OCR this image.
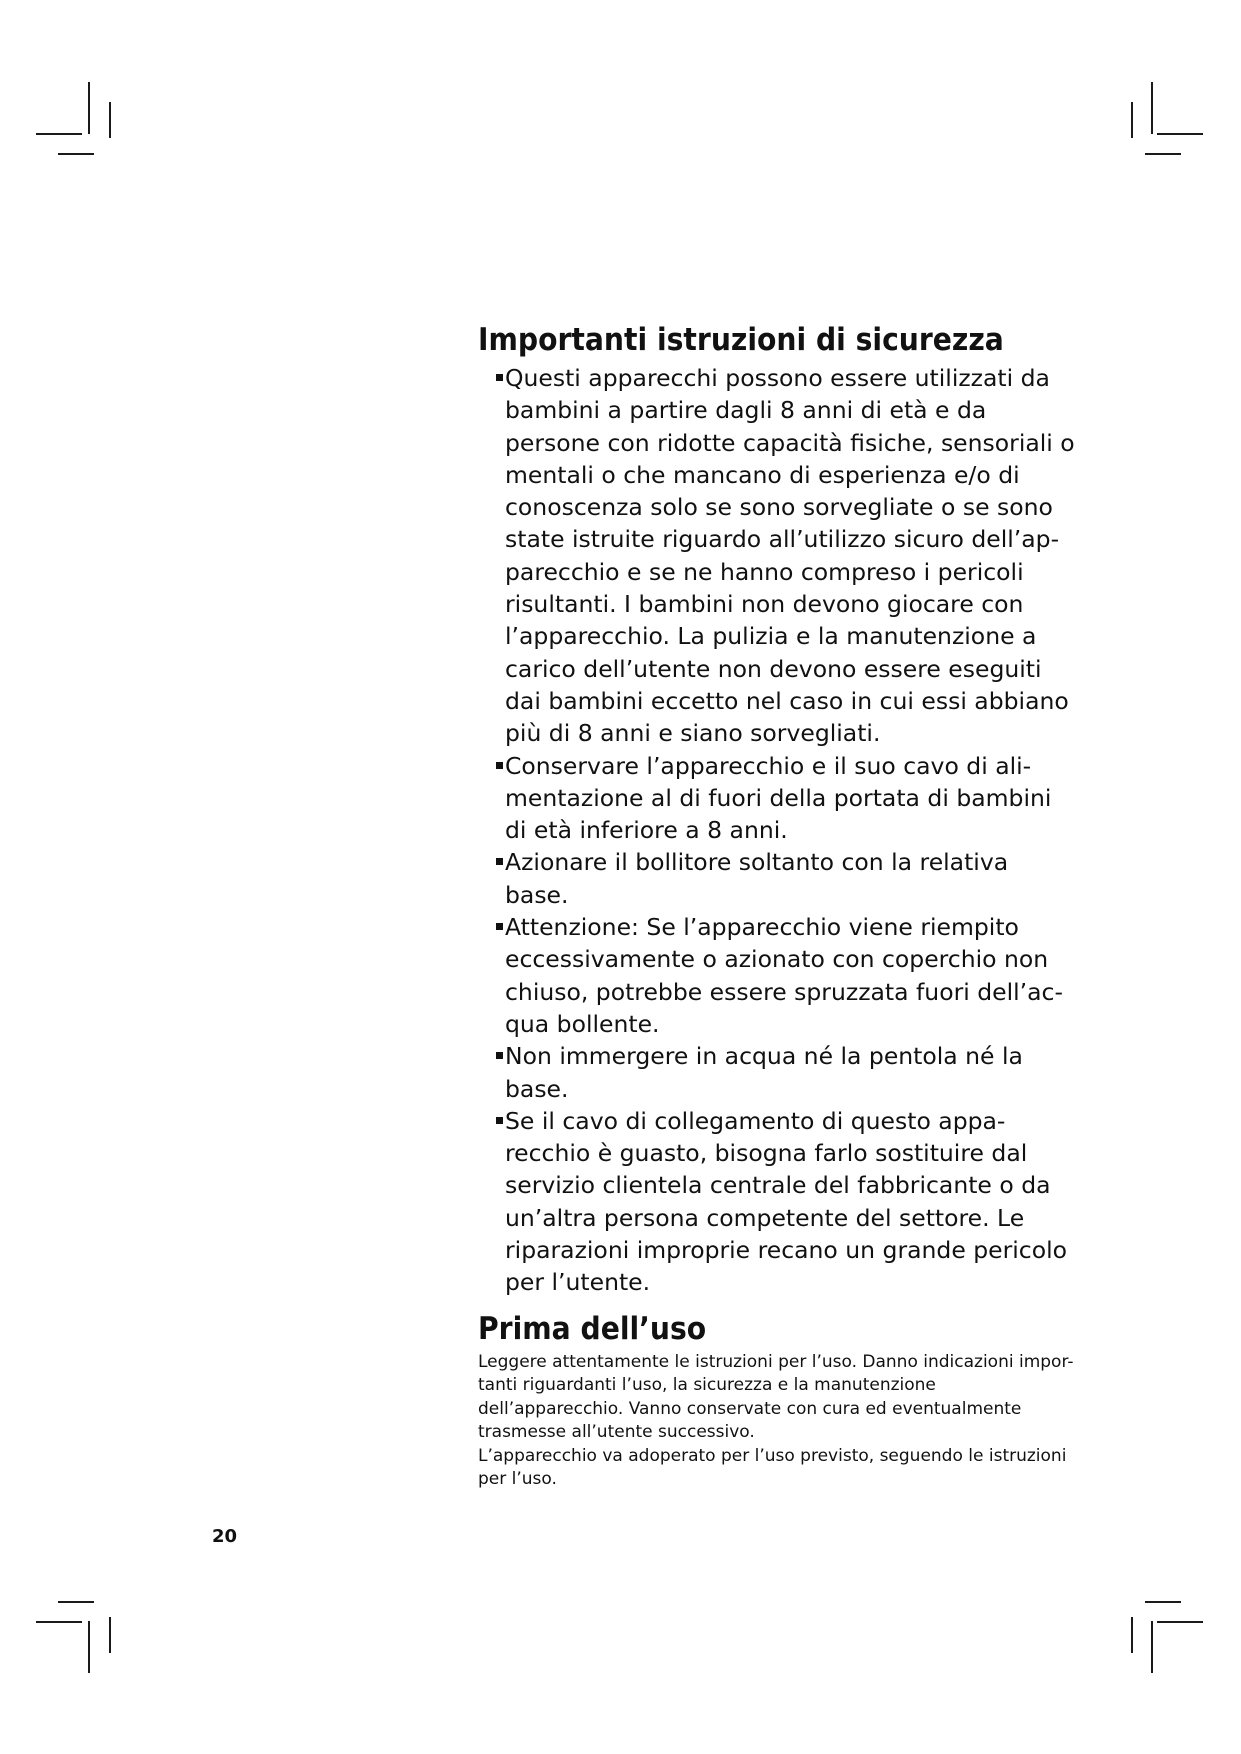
Importanti istruzioni di sicurezza
Questi apparecchi possono essere utilizzati da bambini a partire dagli 8 anni di età e da persone con ridotte capacità fisiche, sensoriali o mentali o che mancano di esperienza e/o di conoscenza solo se sono sorvegliate o se sono state istruite riguardo all’utilizzo sicuro dell’ap-parecchio e se ne hanno compreso i pericoli risultanti. I bambini non devono giocare con l’apparecchio. La pulizia e la manutenzione a carico dell’utente non devono essere eseguiti dai bambini eccetto nel caso in cui essi abbiano più di 8 anni e siano sorvegliati.
Conservare l’apparecchio e il suo cavo di ali-mentazione al di fuori della portata di bambini di età inferiore a 8 anni.
Azionare il bollitore soltanto con la relativa base.
Attenzione: Se l’apparecchio viene riempito eccessivamente o azionato con coperchio non chiuso, potrebbe essere spruzzata fuori dell’ac-qua bollente.
Non immergere in acqua né la pentola né la base.
Se il cavo di collegamento di questo appa-recchio è guasto, bisogna farlo sostituire dal servizio clientela centrale del fabbricante o da un’altra persona competente del settore. Le riparazioni improprie recano un grande pericolo per l’utente.
Prima dell’uso

Leggere attentamente le istruzioni per l’uso. Danno indicazioni impor-tanti riguardanti l’uso, la sicurezza e la manutenzione dell’apparecchio. Vanno conservate con cura ed eventualmente trasmesse all’utente successivo.

L’apparecchio va adoperato per l’uso previsto, seguendo le istruzioni per l’uso.

20
